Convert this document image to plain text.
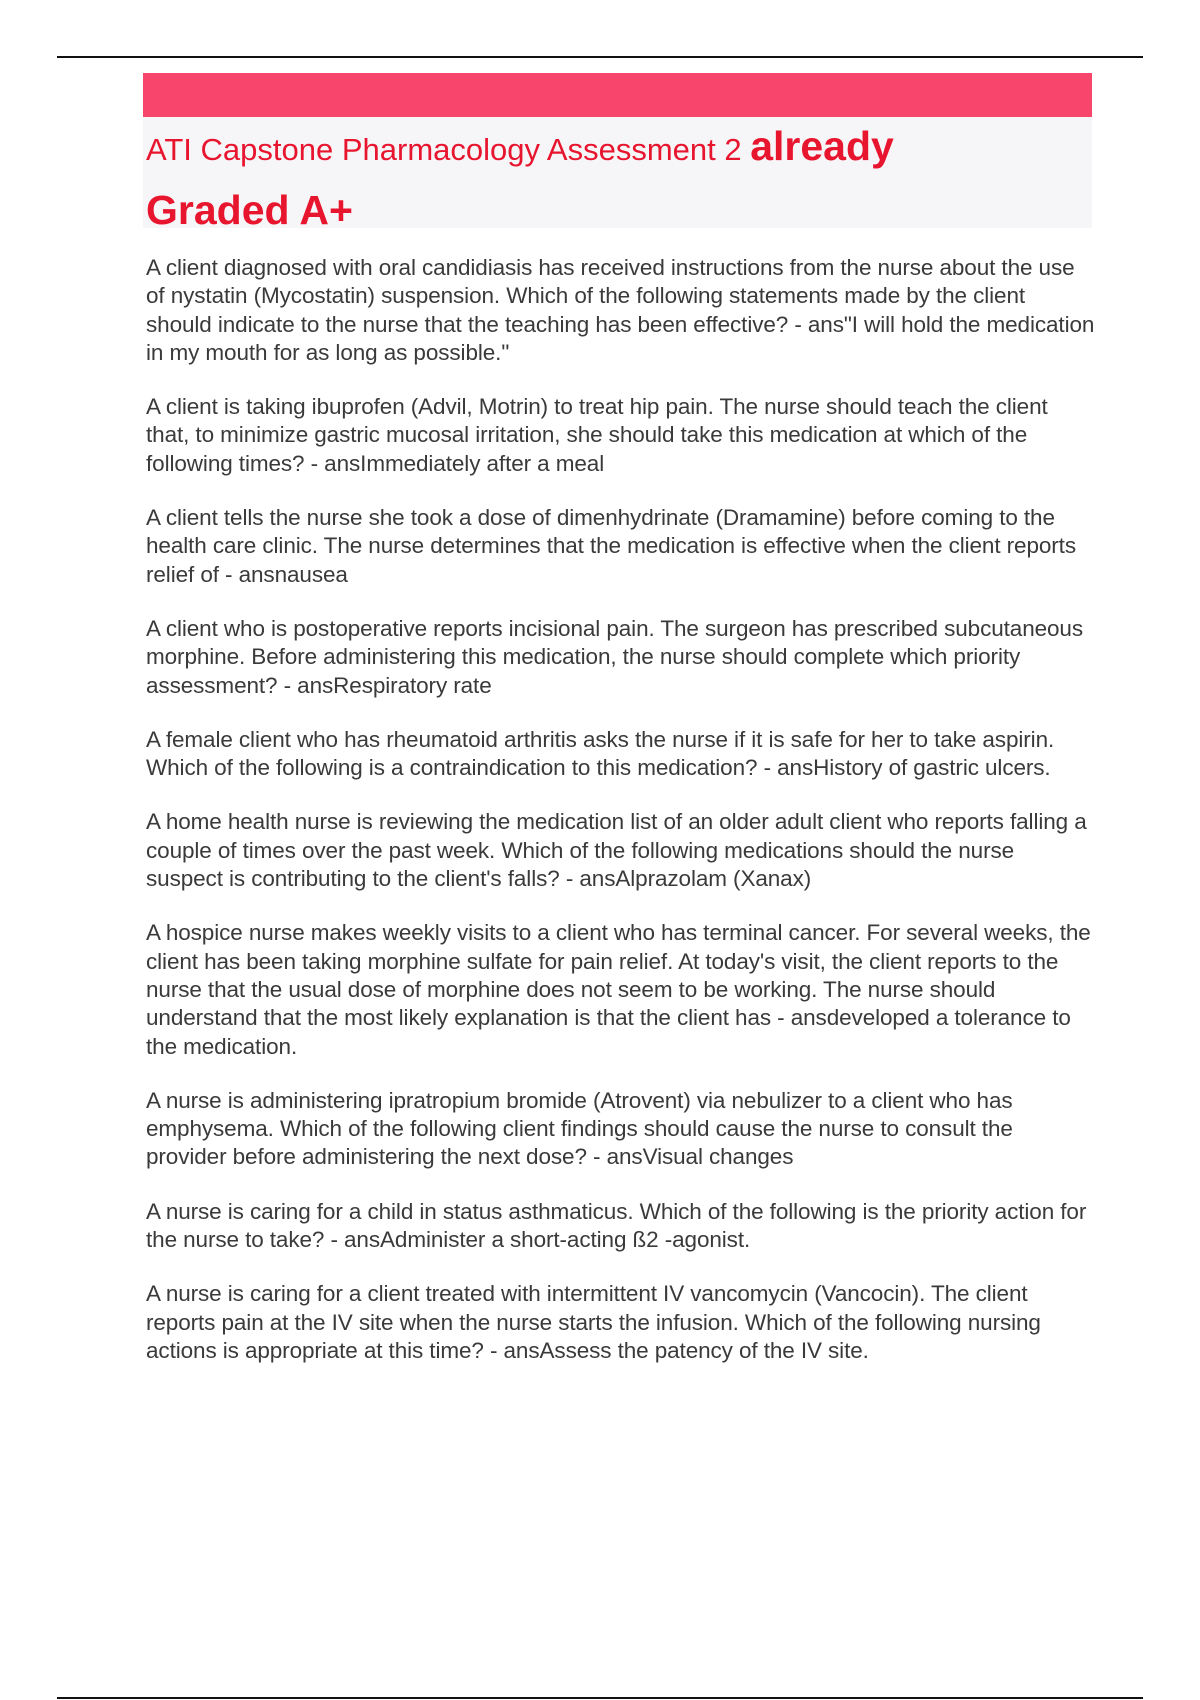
ATI Capstone Pharmacology Assessment 2 already
Graded A+

A client diagnosed with oral candidiasis has received instructions from the nurse about the use of nystatin (Mycostatin) suspension. Which of the following statements made by the client should indicate to the nurse that the teaching has been effective? - ans"I will hold the medication in my mouth for as long as possible."

A client is taking ibuprofen (Advil, Motrin) to treat hip pain. The nurse should teach the client that, to minimize gastric mucosal irritation, she should take this medication at which of the following times? - ansImmediately after a meal

A client tells the nurse she took a dose of dimenhydrinate (Dramamine) before coming to the health care clinic. The nurse determines that the medication is effective when the client reports relief of - ansnausea

A client who is postoperative reports incisional pain. The surgeon has prescribed subcutaneous morphine. Before administering this medication, the nurse should complete which priority assessment? - ansRespiratory rate

A female client who has rheumatoid arthritis asks the nurse if it is safe for her to take aspirin. Which of the following is a contraindication to this medication? - ansHistory of gastric ulcers.

A home health nurse is reviewing the medication list of an older adult client who reports falling a couple of times over the past week. Which of the following medications should the nurse suspect is contributing to the client's falls? - ansAlprazolam (Xanax)

A hospice nurse makes weekly visits to a client who has terminal cancer. For several weeks, the client has been taking morphine sulfate for pain relief. At today's visit, the client reports to the nurse that the usual dose of morphine does not seem to be working. The nurse should understand that the most likely explanation is that the client has - ansdeveloped a tolerance to the medication.

A nurse is administering ipratropium bromide (Atrovent) via nebulizer to a client who has emphysema. Which of the following client findings should cause the nurse to consult the provider before administering the next dose? - ansVisual changes

A nurse is caring for a child in status asthmaticus. Which of the following is the priority action for the nurse to take? - ansAdminister a short-acting ß2 -agonist.

A nurse is caring for a client treated with intermittent IV vancomycin (Vancocin). The client reports pain at the IV site when the nurse starts the infusion. Which of the following nursing actions is appropriate at this time? - ansAssess the patency of the IV site.
